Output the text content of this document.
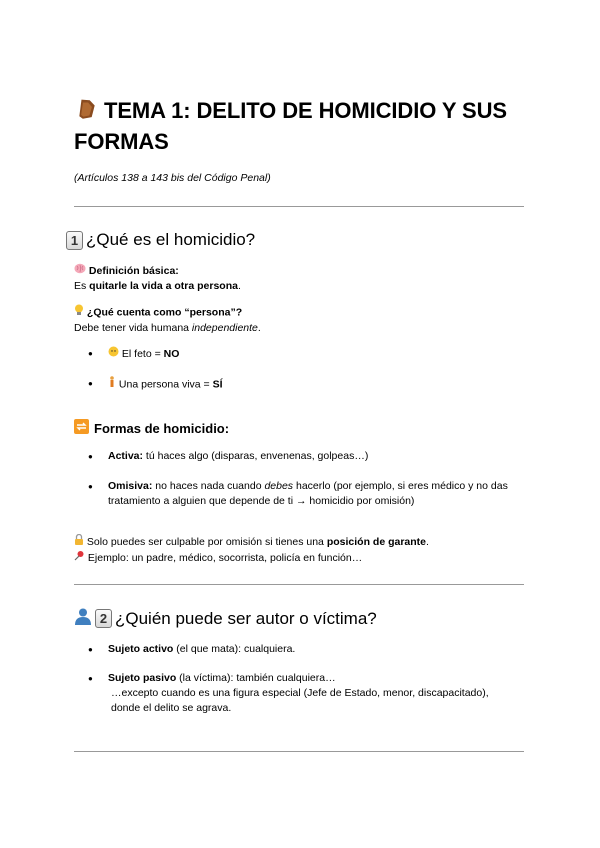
TEMA 1: DELITO DE HOMICIDIO Y SUS FORMAS
(Artículos 138 a 143 bis del Código Penal)
1 ¿Qué es el homicidio?
Definición básica:
Es quitarle la vida a otra persona.
¿Qué cuenta como “persona”?
Debe tener vida humana independiente.
● El feto = NO
● Una persona viva = SÍ
Formas de homicidio:
● Activa: tú haces algo (disparas, envenenas, golpeas…)
● Omisiva: no haces nada cuando debes hacerlo (por ejemplo, si eres médico y no das tratamiento a alguien que depende de ti → homicidio por omisión)
Solo puedes ser culpable por omisión si tienes una posición de garante.
Ejemplo: un padre, médico, socorrista, policía en función…
2 ¿Quién puede ser autor o víctima?
● Sujeto activo (el que mata): cualquiera.
● Sujeto pasivo (la víctima): también cualquiera…
…excepto cuando es una figura especial (Jefe de Estado, menor, discapacitado), donde el delito se agrava.
